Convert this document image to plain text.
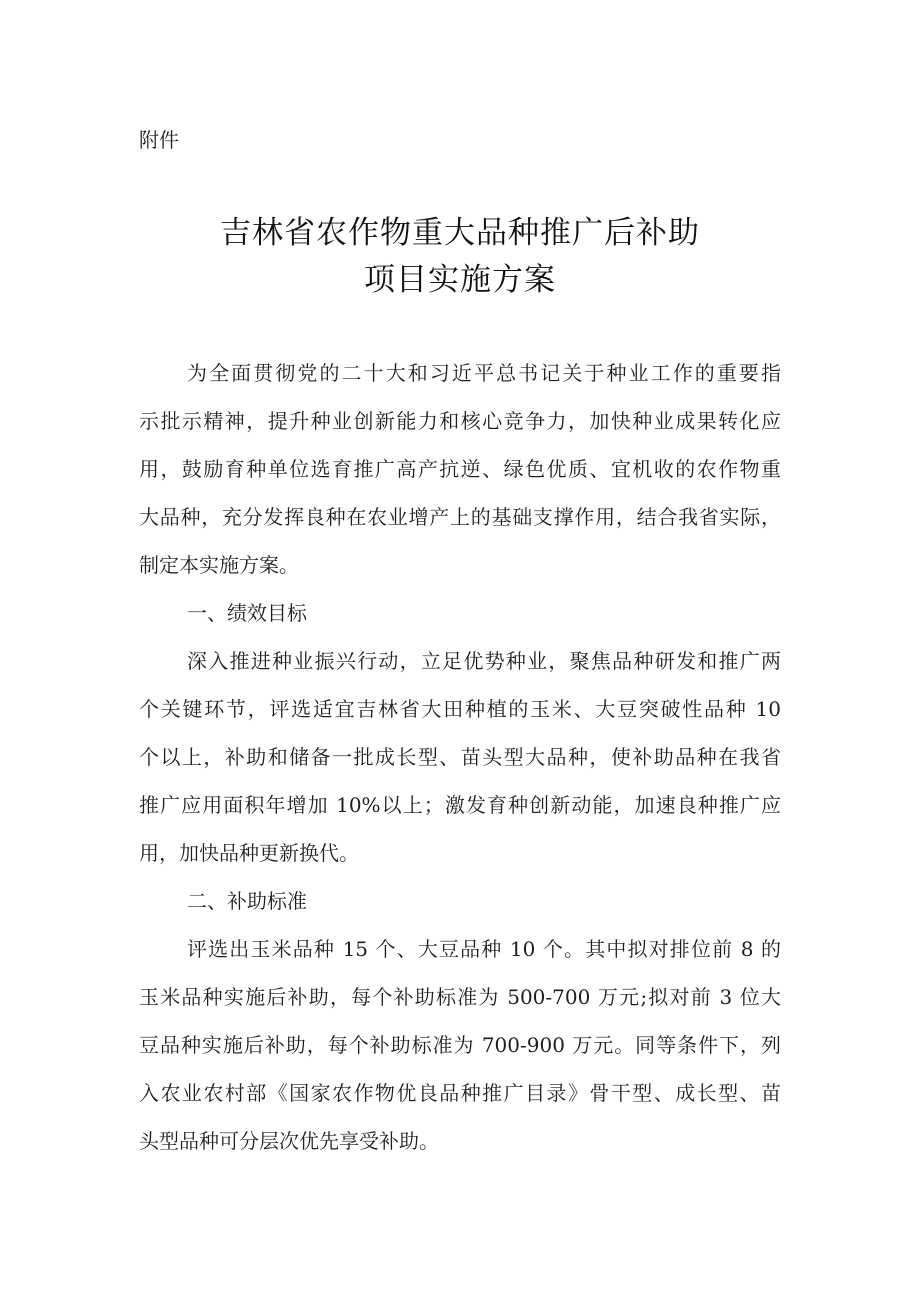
附件
吉林省农作物重大品种推广后补助
项目实施方案
为全面贯彻党的二十大和习近平总书记关于种业工作的重要指
示批示精神，提升种业创新能力和核心竞争力，加快种业成果转化应
用，鼓励育种单位选育推广高产抗逆、绿色优质、宜机收的农作物重
大品种，充分发挥良种在农业增产上的基础支撑作用，结合我省实际，
制定本实施方案。
一、绩效目标
深入推进种业振兴行动，立足优势种业，聚焦品种研发和推广两
个关键环节，评选适宜吉林省大田种植的玉米、大豆突破性品种 10
个以上，补助和储备一批成长型、苗头型大品种，使补助品种在我省
推广应用面积年增加 10%以上；激发育种创新动能，加速良种推广应
用，加快品种更新换代。
二、补助标准
评选出玉米品种 15 个、大豆品种 10 个。其中拟对排位前 8 的
玉米品种实施后补助，每个补助标准为 500-700 万元;拟对前 3 位大
豆品种实施后补助，每个补助标准为 700-900 万元。同等条件下，列
入农业农村部《国家农作物优良品种推广目录》骨干型、成长型、苗
头型品种可分层次优先享受补助。
